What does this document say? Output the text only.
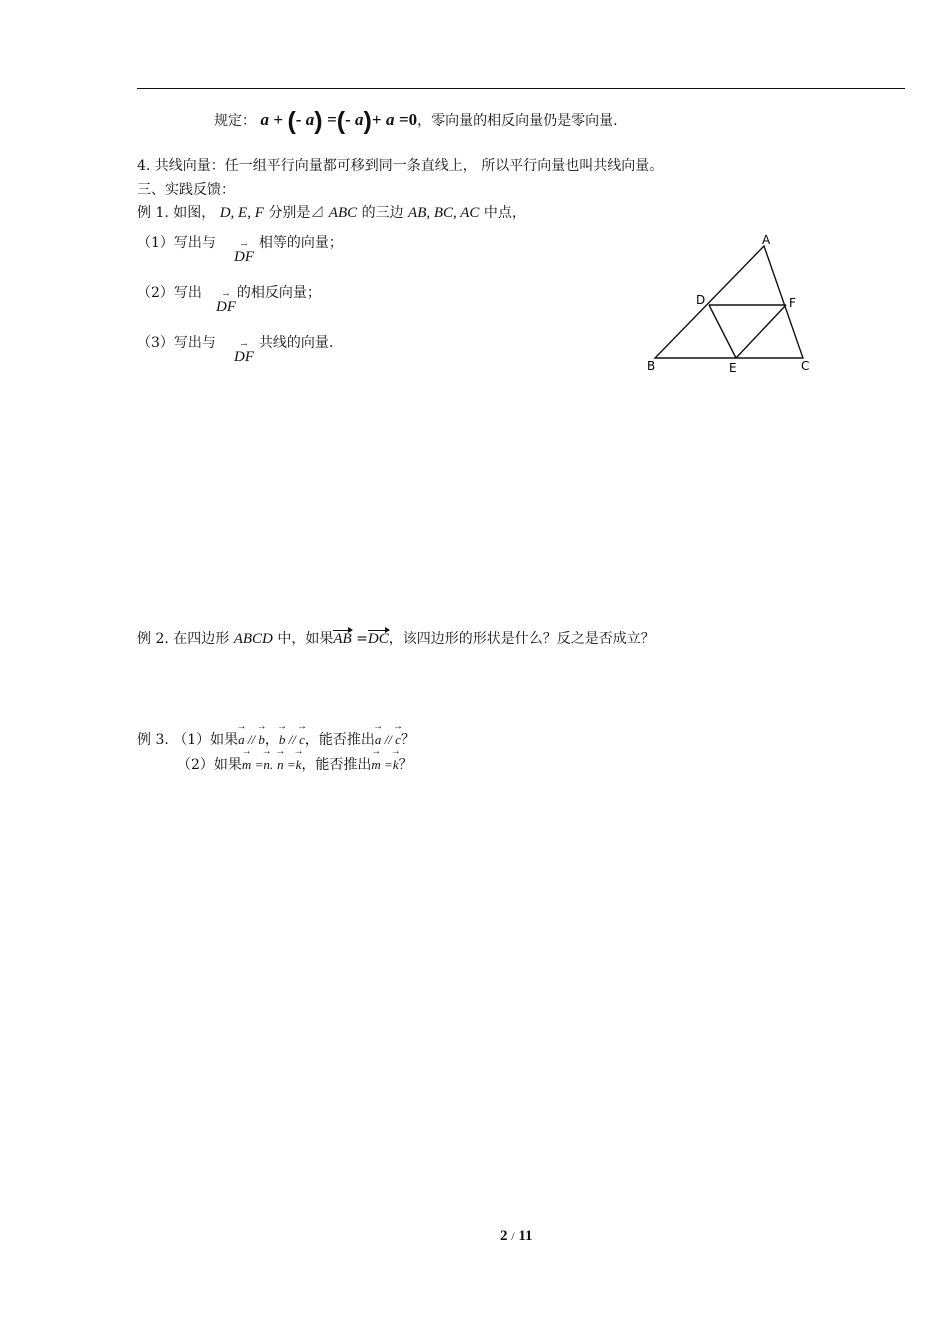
规定： a + (- a) =(- a)+ a =0，零向量的相反向量仍是零向量.
4. 共线向量：任一组平行向量都可移到同一条直线上， 所以平行向量也叫共线向量。
三、实践反馈：
例 1. 如图， D, E, F 分别是⊿ ABC 的三边 AB, BC, AC 中点，
（1）写出与	相等的向量；
→
DF
（2）写出 的相反向量；
→
DF
（3）写出与	共线的向量.
→
DF
A
B	C
D
E
F
例 2. 在四边形 ABCD 中，如果AB =DC，该四边形的形状是什么？反之是否成立？
例 3. （1）如果→ a // → b，→ b // → c，能否推出→ a // → c？
（2）如果→ m =→ n.→ n =→ k，能否推出→ m =→ k？
2 / 11
